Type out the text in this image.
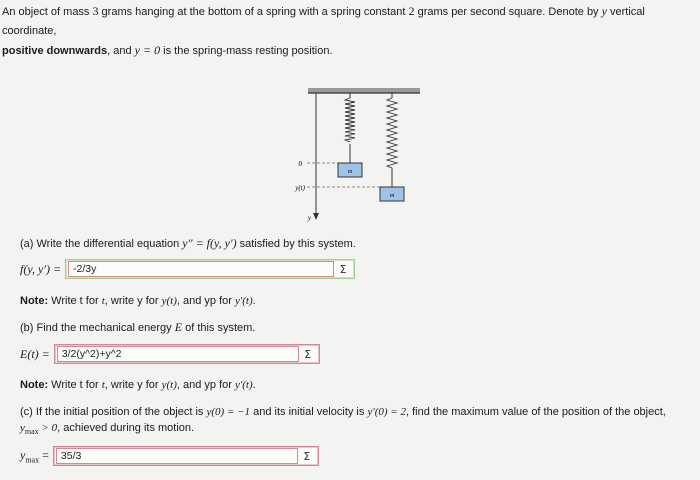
An object of mass 3 grams hanging at the bottom of a spring with a spring constant 2 grams per second square. Denote by y vertical coordinate,
positive downwards, and y = 0 is the spring-mass resting position.
m
m
0
y(t)
y
(a) Write the differential equation y″ = f(y, y′) satisfied by this system.
f(y, y′) =	-2/3y	Σ
Note: Write t for t, write y for y(t), and yp for y′(t).
(b) Find the mechanical energy E of this system.
E(t) =	3/2(y^2)+y^2	Σ
Note: Write t for t, write y for y(t), and yp for y′(t).
(c) If the initial position of the object is y(0) = −1 and its initial velocity is y′(0) = 2, find the maximum value of the position of the object,
$y_{max} > 0$, achieved during its motion.
$y_{max}$ =	35/3	Σ
